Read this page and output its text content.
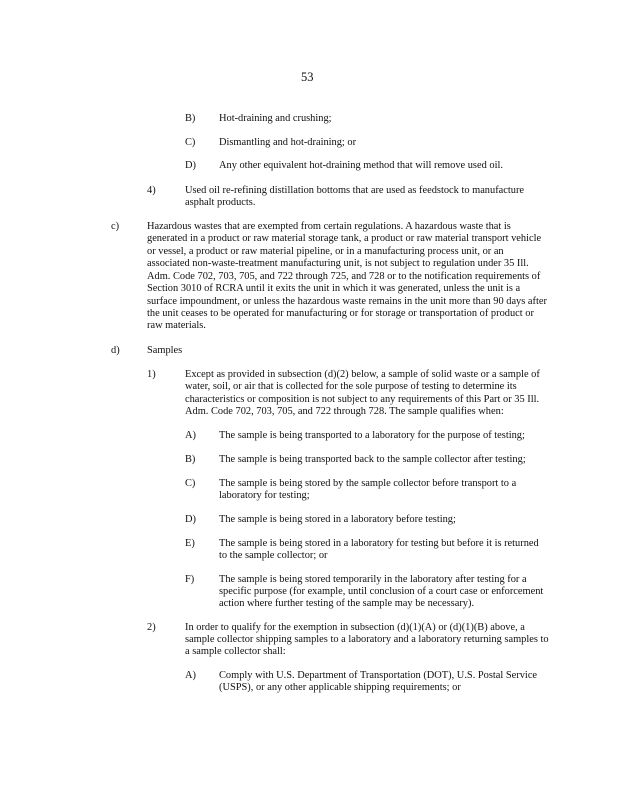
53
B) Hot-draining and crushing;
C) Dismantling and hot-draining; or
D) Any other equivalent hot-draining method that will remove used oil.
4)	Used oil re-refining distillation bottoms that are used as feedstock to manufacture
asphalt products.
c)	Hazardous wastes that are exempted from certain regulations. A hazardous waste that is
generated in a product or raw material storage tank, a product or raw material transport vehicle
or vessel, a product or raw material pipeline, or in a manufacturing process unit, or an
associated non-waste-treatment manufacturing unit, is not subject to regulation under 35 Ill.
Adm. Code 702, 703, 705, and 722 through 725, and 728 or to the notification requirements of
Section 3010 of RCRA until it exits the unit in which it was generated, unless the unit is a
surface impoundment, or unless the hazardous waste remains in the unit more than 90 days after
the unit ceases to be operated for manufacturing or for storage or transportation of product or
raw materials.
d)	Samples
1)	Except as provided in subsection (d)(2) below, a sample of solid waste or a sample of
water, soil, or air that is collected for the sole purpose of testing to determine its
characteristics or composition is not subject to any requirements of this Part or 35 Ill.
Adm. Code 702, 703, 705, and 722 through 728. The sample qualifies when:
A) The sample is being transported to a laboratory for the purpose of testing;
B) The sample is being transported back to the sample collector after testing;
C) The sample is being stored by the sample collector before transport to a
laboratory for testing;
D) The sample is being stored in a laboratory before testing;
E) The sample is being stored in a laboratory for testing but before it is returned
to the sample collector; or
F) The sample is being stored temporarily in the laboratory after testing for a
specific purpose (for example, until conclusion of a court case or enforcement
action where further testing of the sample may be necessary).
2)	In order to qualify for the exemption in subsection (d)(1)(A) or (d)(1)(B) above, a
sample collector shipping samples to a laboratory and a laboratory returning samples to
a sample collector shall:
A) Comply with U.S. Department of Transportation (DOT), U.S. Postal Service
(USPS), or any other applicable shipping requirements; or
